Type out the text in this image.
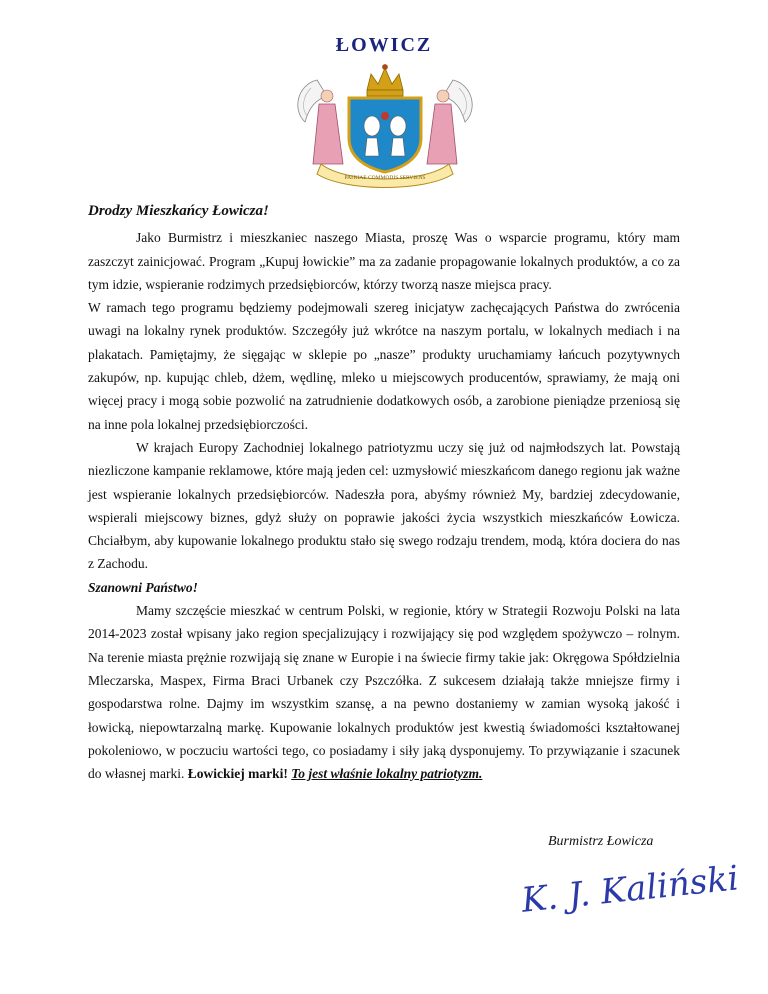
ŁOWICZ
PATRIAE COMMODIS SERVIENS

Drodzy Mieszkańcy Łowicza!

Jako Burmistrz i mieszkaniec naszego Miasta, proszę Was o wsparcie programu, który mam zaszczyt zainicjować. Program „Kupuj łowickie” ma za zadanie propagowanie lokalnych produktów, a co za tym idzie, wspieranie rodzimych przedsiębiorców, którzy tworzą nasze miejsca pracy.

W ramach tego programu będziemy podejmowali szereg inicjatyw zachęcających Państwa do zwrócenia uwagi na lokalny rynek produktów. Szczegóły już wkrótce na naszym portalu, w lokalnych mediach i na plakatach. Pamiętajmy, że sięgając w sklepie po „nasze” produkty uruchamiamy łańcuch pozytywnych zakupów, np. kupując chleb, dżem, wędlinę, mleko u miejscowych producentów, sprawiamy, że mają oni więcej pracy i mogą sobie pozwolić na zatrudnienie dodatkowych osób, a zarobione pieniądze przeniosą się na inne pola lokalnej przedsiębiorczości.

W krajach Europy Zachodniej lokalnego patriotyzmu uczy się już od najmłodszych lat. Powstają niezliczone kampanie reklamowe, które mają jeden cel: uzmysłowić mieszkańcom danego regionu jak ważne jest wspieranie lokalnych przedsiębiorców. Nadeszła pora, abyśmy również My, bardziej zdecydowanie, wspierali miejscowy biznes, gdyż służy on poprawie jakości życia wszystkich mieszkańców Łowicza. Chciałbym, aby kupowanie lokalnego produktu stało się swego rodzaju trendem, modą, która dociera do nas z Zachodu.

Szanowni Państwo!

Mamy szczęście mieszkać w centrum Polski, w regionie, który w Strategii Rozwoju Polski na lata 2014-2023 został wpisany jako region specjalizujący i rozwijający się pod względem spożywczo – rolnym. Na terenie miasta prężnie rozwijają się znane w Europie i na świecie firmy takie jak: Okręgowa Spółdzielnia Mleczarska, Maspex, Firma Braci Urbanek czy Pszczółka. Z sukcesem działają także mniejsze firmy i gospodarstwa rolne. Dajmy im wszystkim szansę, a na pewno dostaniemy w zamian wysoką jakość i łowicką, niepowtarzalną markę. Kupowanie lokalnych produktów jest kwestią świadomości kształtowanej pokoleniowo, w poczuciu wartości tego, co posiadamy i siły jaką dysponujemy. To przywiązanie i szacunek do własnej marki. Łowickiej marki! To jest właśnie lokalny patriotyzm.

Burmistrz Łowicza
K. J. Kaliński
